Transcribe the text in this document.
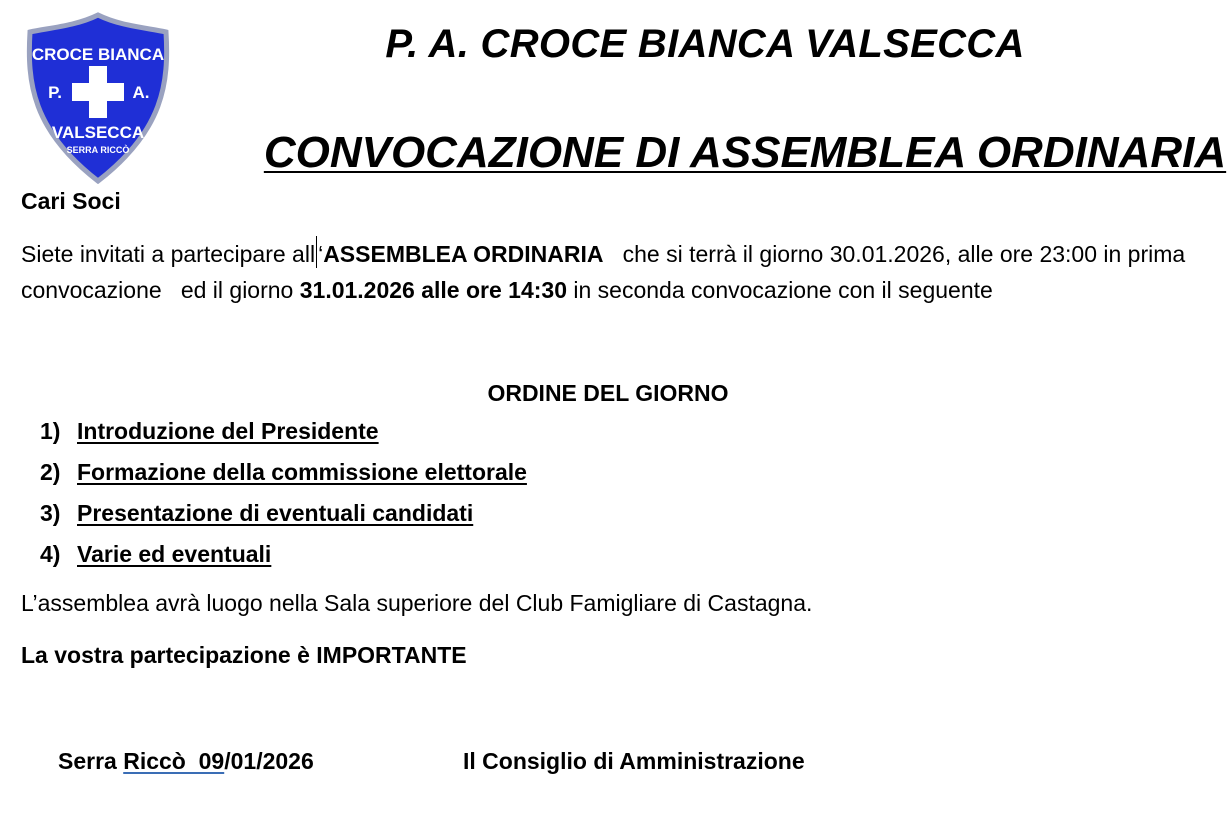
CROCE BIANCA
P.	A.
VALSECCA
SERRA RICCÒ
P. A. CROCE BIANCA VALSECCA
CONVOCAZIONE DI ASSEMBLEA ORDINARIA
Cari Soci
Siete invitati a partecipare all ‘ASSEMBLEA ORDINARIA   che si terrà il giorno 30.01.2026, alle ore 23:00 in prima convocazione   ed il giorno 31.01.2026 alle ore 14:30 in seconda convocazione con il seguente
ORDINE DEL GIORNO
1) Introduzione del Presidente
2) Formazione della commissione elettorale
3) Presentazione di eventuali candidati
4) Varie ed eventuali
L’assemblea avrà luogo nella Sala superiore del Club Famigliare di Castagna.
La vostra partecipazione è IMPORTANTE
Serra Riccò  09/01/2026	Il Consiglio di Amministrazione
